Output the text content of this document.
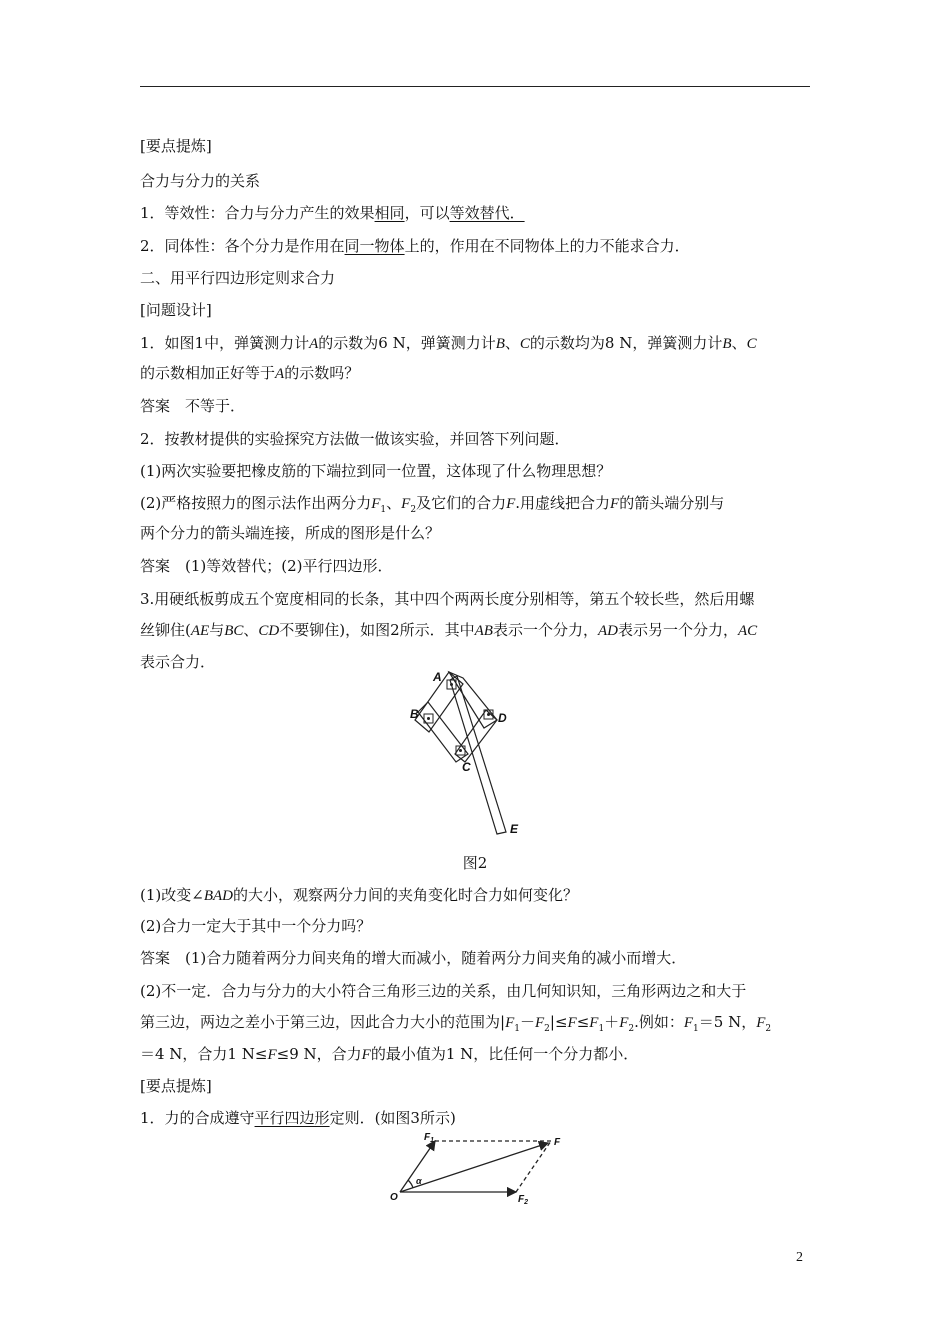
[要点提炼]
合力与分力的关系
1．等效性：合力与分力产生的效果相同，可以等效替代．
2．同体性：各个分力是作用在同一物体上的，作用在不同物体上的力不能求合力．
二、用平行四边形定则求合力
[问题设计]
1．如图1中，弹簧测力计A的示数为6 N，弹簧测力计B、C的示数均为8 N，弹簧测力计B、C
的示数相加正好等于A的示数吗？
答案　不等于．
2．按教材提供的实验探究方法做一做该实验，并回答下列问题．
(1)两次实验要把橡皮筋的下端拉到同一位置，这体现了什么物理思想？
(2)严格按照力的图示法作出两分力$F_1$、$F_2$及它们的合力F.用虚线把合力F的箭头端分别与
两个分力的箭头端连接，所成的图形是什么？
答案　(1)等效替代；(2)平行四边形．
3.用硬纸板剪成五个宽度相同的长条，其中四个两两长度分别相等，第五个较长些，然后用螺
丝铆住(AE与BC、CD不要铆住)，如图2所示．其中AB表示一个分力，AD表示另一个分力，AC
表示合力．
A
B
C
D
E
图2
(1)改变∠BAD的大小，观察两分力间的夹角变化时合力如何变化？
(2)合力一定大于其中一个分力吗？
答案　(1)合力随着两分力间夹角的增大而减小，随着两分力间夹角的减小而增大．
(2)不一定．合力与分力的大小符合三角形三边的关系，由几何知识知，三角形两边之和大于
第三边，两边之差小于第三边，因此合力大小的范围为$|F_1-F_2|\le F\le F_1+F_2$.例如：$F_1=5$ N，$F_2$
＝4 N，合力1 N≤F≤9 N，合力F的最小值为1 N，比任何一个分力都小．
[要点提炼]
1．力的合成遵守平行四边形定则．(如图3所示)
$F_1$	F
O
α
$F_2$
2
